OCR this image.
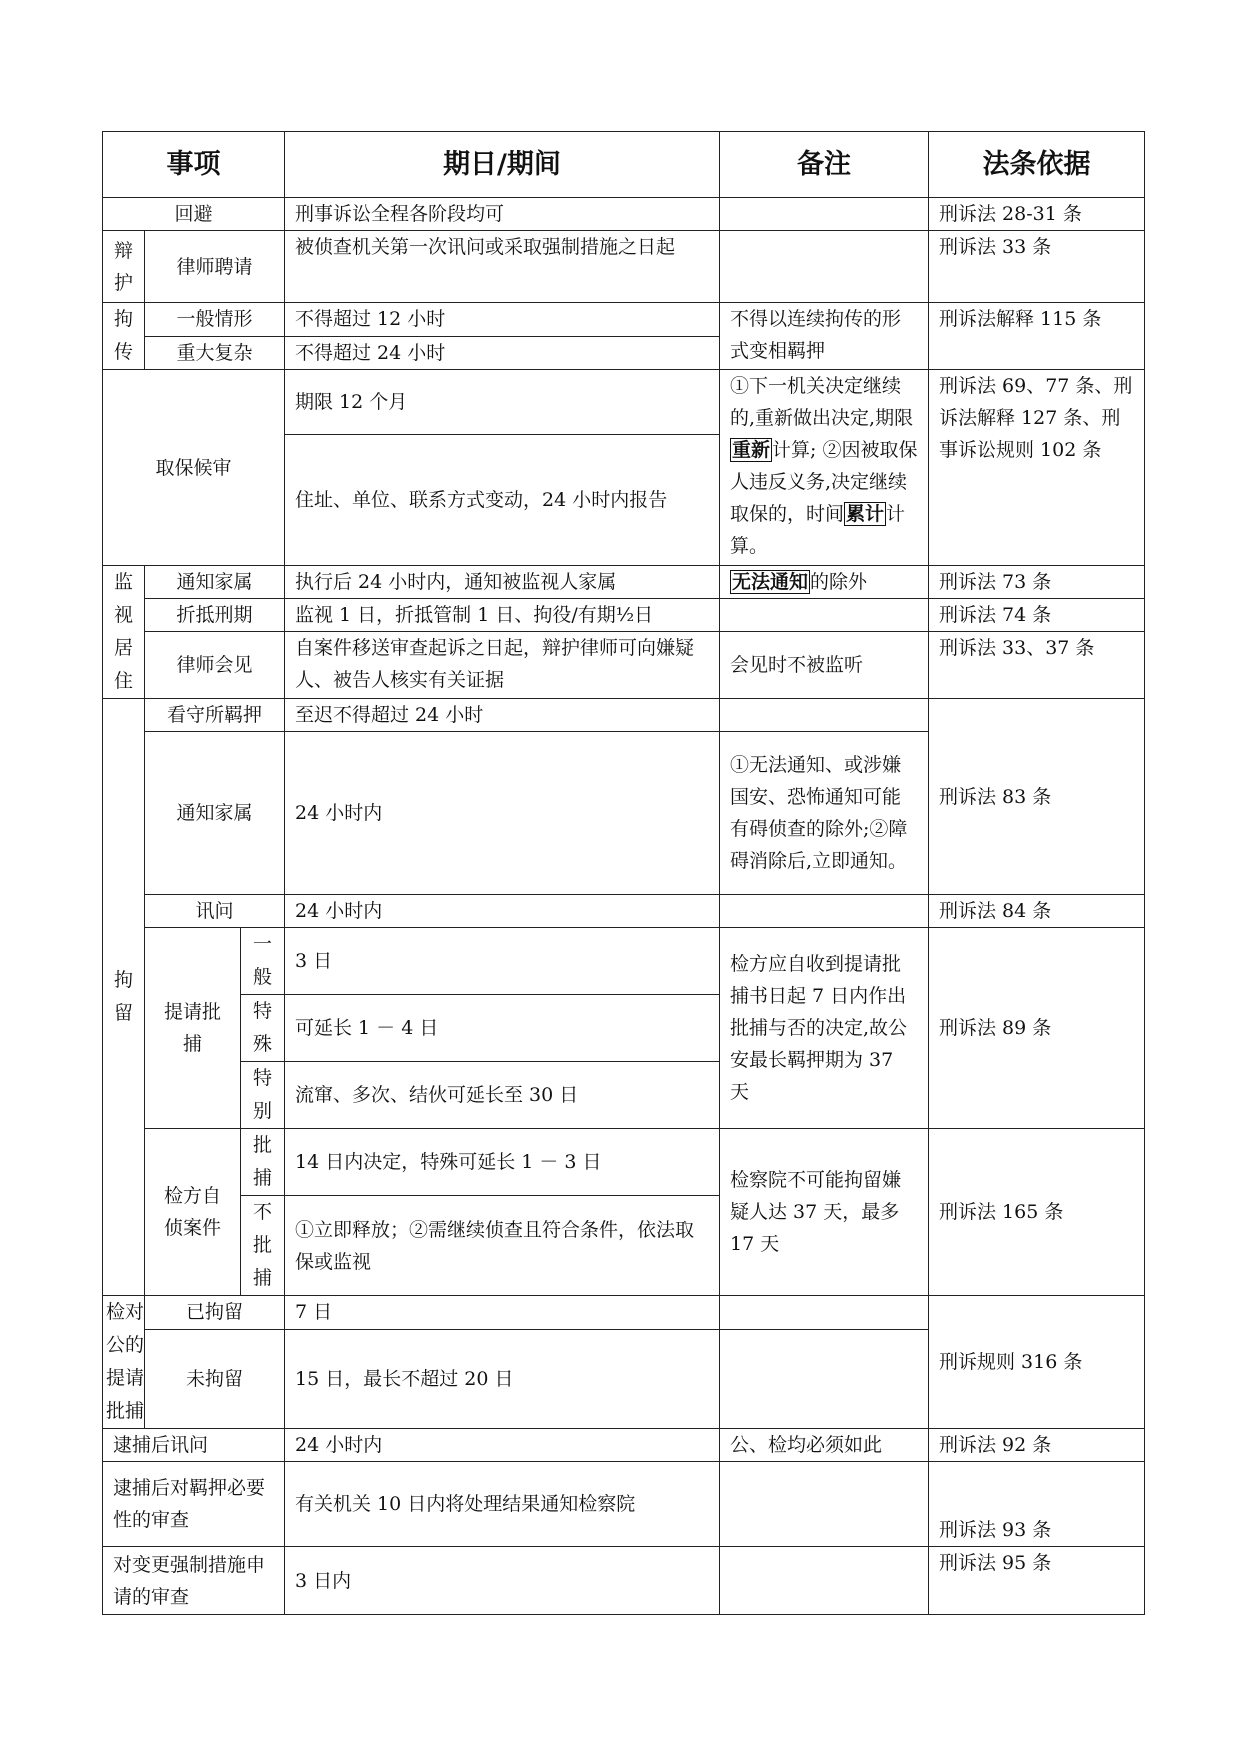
事项			期日/期间	备注	法条依据
回避			刑事诉讼全程各阶段均可		刑诉法 28-31 条
辩护	律师聘请		被侦查机关第一次讯问或采取强制措施之日起		刑诉法 33 条
拘传	一般情形		不得超过 12 小时	不得以连续拘传的形式变相羁押	刑诉法解释 115 条
	重大复杂		不得超过 24 小时		
取保候审			期限 12 个月	①下一机关决定继续的,重新做出决定,期限重新 计算; ②因被取保人违反义务,决定继续取保的，时间 累计 计算。	刑诉法 69、77 条、刑诉法解释 127 条、刑事诉讼规则 102 条
			住址、单位、联系方式变动，24 小时内报告		
监视居住	通知家属		执行后 24 小时内，通知被监视人家属	无法通知 的除外	刑诉法 73 条
	折抵刑期		监视 1 日，折抵管制 1 日、拘役/有期½日		刑诉法 74 条
	律师会见		自案件移送审查起诉之日起，辩护律师可向嫌疑人、被告人核实有关证据	会见时不被监听	刑诉法 33、37 条
拘留	看守所羁押		至迟不得超过 24 小时		刑诉法 83 条
	通知家属		24 小时内	①无法通知、或涉嫌国安、恐怖通知可能有碍侦查的除外;②障碍消除后,立即通知。	
	讯问		24 小时内		刑诉法 84 条
	提请批捕	一般	3 日	检方应自收到提请批捕书日起 7 日内作出批捕与否的决定,故公安最长羁押期为 37 天	刑诉法 89 条
		特殊	可延长 1 － 4 日		
		特别	流窜、多次、结伙可延长至 30 日		
	检方自侦案件	批捕	14 日内决定，特殊可延长 1 － 3 日	检察院不可能拘留嫌疑人达 37 天，最多 17 天	刑诉法 165 条
		不批捕	①立即释放；②需继续侦查且符合条件，依法取保或监视		

检对公的提请批捕	已拘留		7 日		刑诉规则 316 条
	未拘留		15 日，最长不超过 20 日		
逮捕后讯问			24 小时内	公、检均必须如此	刑诉法 92 条
逮捕后对羁押必要性的审查			有关机关 10 日内将处理结果通知检察院		刑诉法 93 条
对变更强制措施申请的审查			3 日内		刑诉法 95 条
